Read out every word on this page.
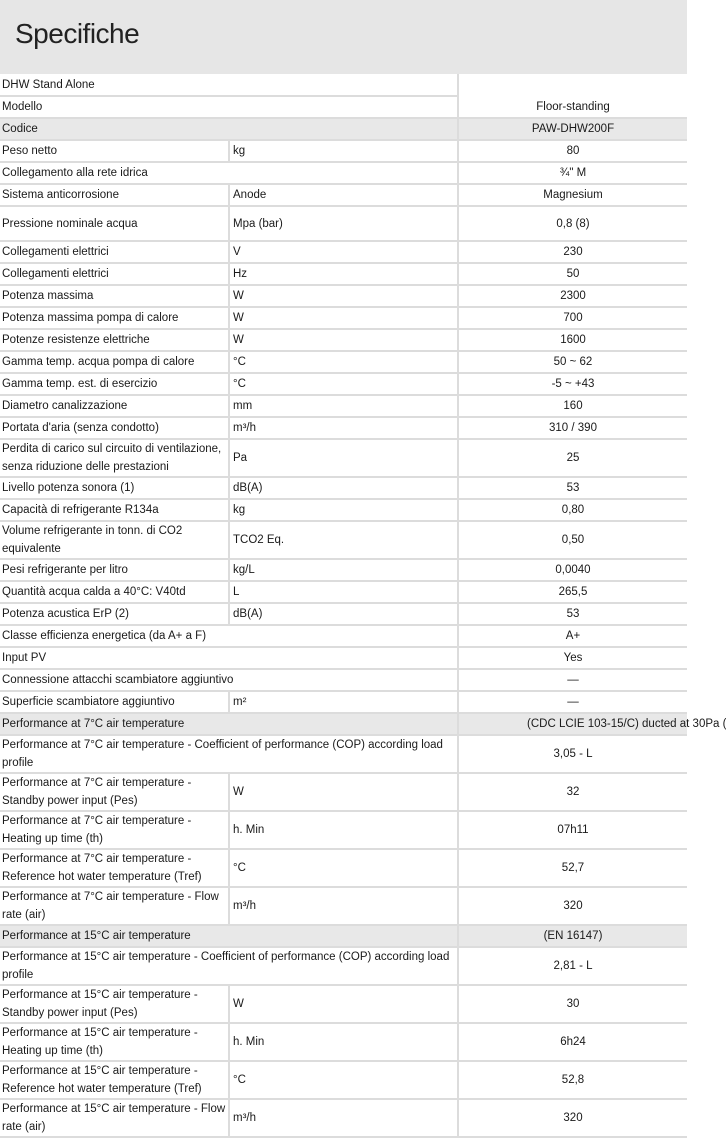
Specifiche
DHW Stand Alone		
Modello		Floor-standing
Codice		PAW-DHW200F
Peso netto	kg	80
Collegamento alla rete idrica		¾" M
Sistema anticorrosione	Anode	Magnesium
Pressione nominale acqua	Mpa (bar)	0,8 (8)
Collegamenti elettrici	V	230
Collegamenti elettrici	Hz	50
Potenza massima	W	2300
Potenza massima pompa di calore	W	700
Potenze resistenze elettriche	W	1600
Gamma temp. acqua pompa di calore	°C	50 ~ 62
Gamma temp. est. di esercizio	°C	-5 ~ +43
Diametro canalizzazione	mm	160
Portata d'aria (senza condotto)	m³/h	310 / 390
Perdita di carico sul circuito di ventilazione, senza riduzione delle prestazioni	Pa	25
Livello potenza sonora (1)	dB(A)	53
Capacità di refrigerante R134a	kg	0,80
Volume refrigerante in tonn. di CO2 equivalente	TCO2 Eq.	0,50
Pesi refrigerante per litro	kg/L	0,0040
Quantità acqua calda a 40°C: V40td	L	265,5
Potenza acustica ErP (2)	dB(A)	53
Classe efficienza energetica (da A+ a F)		A+
Input PV		Yes
Connessione attacchi scambiatore aggiuntivo		—
Superficie scambiatore aggiuntivo	m²	—
Performance at 7°C air temperature		(CDC LCIE 103-15/C) ducted at 30Pa (
Performance at 7°C air temperature - Coefficient of performance (COP) according load profile		3,05 - L
Performance at 7°C air temperature - Standby power input (Pes)	W	32
Performance at 7°C air temperature - Heating up time (th)	h. Min	07h11
Performance at 7°C air temperature - Reference hot water temperature (Tref)	°C	52,7
Performance at 7°C air temperature - Flow rate (air)	m³/h	320
Performance at 15°C air temperature		(EN 16147)
Performance at 15°C air temperature - Coefficient of performance (COP) according load profile		2,81 - L
Performance at 15°C air temperature - Standby power input (Pes)	W	30
Performance at 15°C air temperature - Heating up time (th)	h. Min	6h24
Performance at 15°C air temperature - Reference hot water temperature (Tref)	°C	52,8
Performance at 15°C air temperature - Flow rate (air)	m³/h	320
